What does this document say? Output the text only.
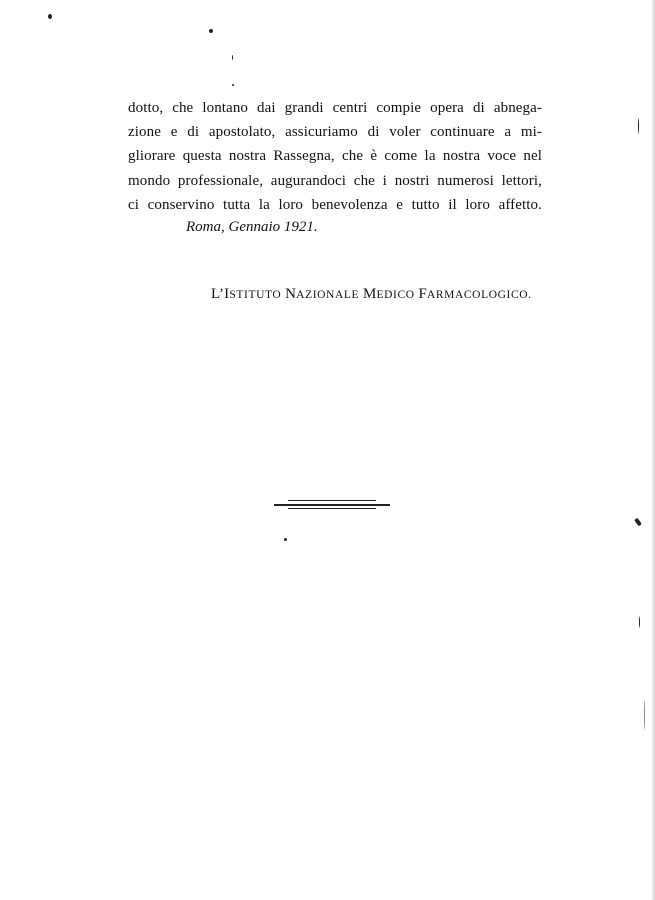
dotto, che lontano dai grandi centri compie opera di abnega-
zione e di apostolato, assicuriamo di voler continuare a mi-
gliorare questa nostra Rassegna, che è come la nostra voce nel
mondo professionale, augurandoci che i nostri numerosi lettori,
ci conservino tutta la loro benevolenza e tutto il loro affetto.
Roma, Gennaio 1921.
L’ISTITUTO NAZIONALE MEDICO FARMACOLOGICO.
